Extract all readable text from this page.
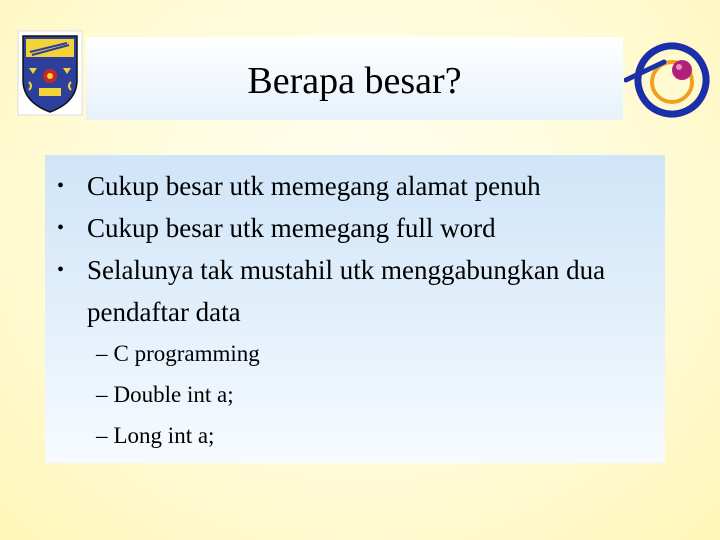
Berapa besar?
• Cukup besar utk memegang alamat penuh
• Cukup besar utk memegang full word
• Selalunya tak mustahil utk menggabungkan dua pendaftar data
– C programming
– Double int a;
– Long int a;
